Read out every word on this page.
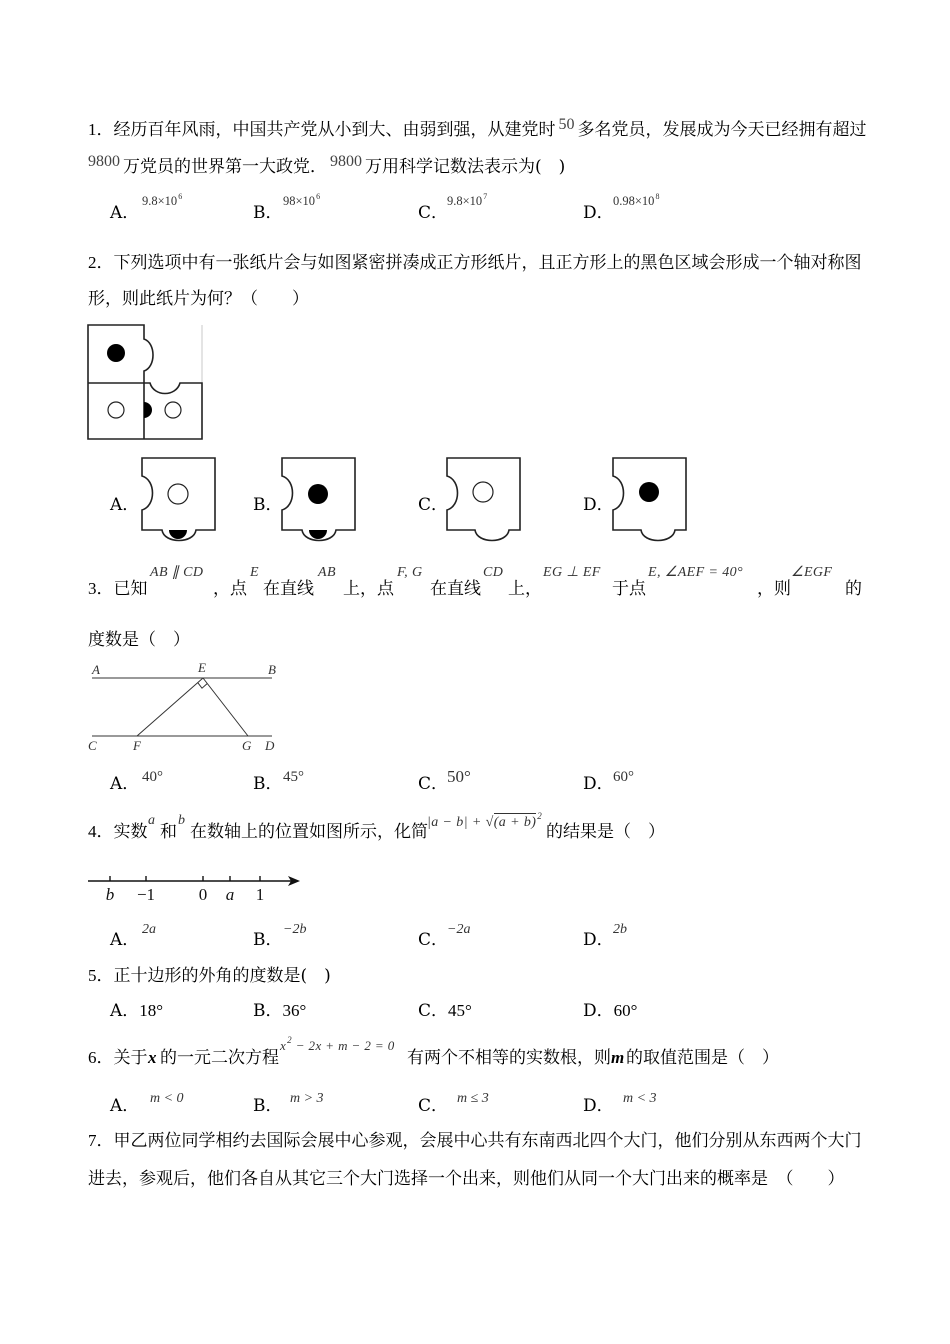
1．经历百年风雨，中国共产党从小到大、由弱到强，从建党时 50 多名党员，发展成为今天已经拥有超过
9800 万党员的世界第一大政党． 9800 万用科学记数法表示为(　)
A．
$9.8\times 10^6$
B．
$98\times 10^6$
C．
$9.8\times 10^7$
D．
$0.98\times 10^8$
2．下列选项中有一张纸片会与如图紧密拼凑成正方形纸片，且正方形上的黑色区域会形成一个轴对称图
形，则此纸片为何？（　　）
A．	B．	C．	D．
3．已知
AB ∥ CD
，点
E
在直线
AB
上，点
F, G
在直线
CD
上，
EG ⊥ EF
于点
E, ∠AEF = 40°
，则
∠EGF
的
度数是（　）
A	E	B
C	F	G D
A． 40°	B． 45°	C．
50°	D． 60°
4．实数
a
和
b
在数轴上的位置如图所示，化简 $|a - b| + √(a + b)^2$
的结果是（　）
b −1	0 a 1
A．
2a
B．
−2b
C．
−2a
D．
2b
5．正十边形的外角的度数是(　)
A．18°	B．36°	C．45°	D．60°
6．关于 x 的一元二次方程
$x^2 - 2x + m - 2 = 0$
有两个不相等的实数根，则 m 的取值范围是（　）
A． m < 0	B． m > 3	C． m ≤ 3	D． m < 3
7．甲乙两位同学相约去国际会展中心参观，会展中心共有东南西北四个大门，他们分别从东西两个大门
进去，参观后，他们各自从其它三个大门选择一个出来，则他们从同一个大门出来的概率是　（　　）
